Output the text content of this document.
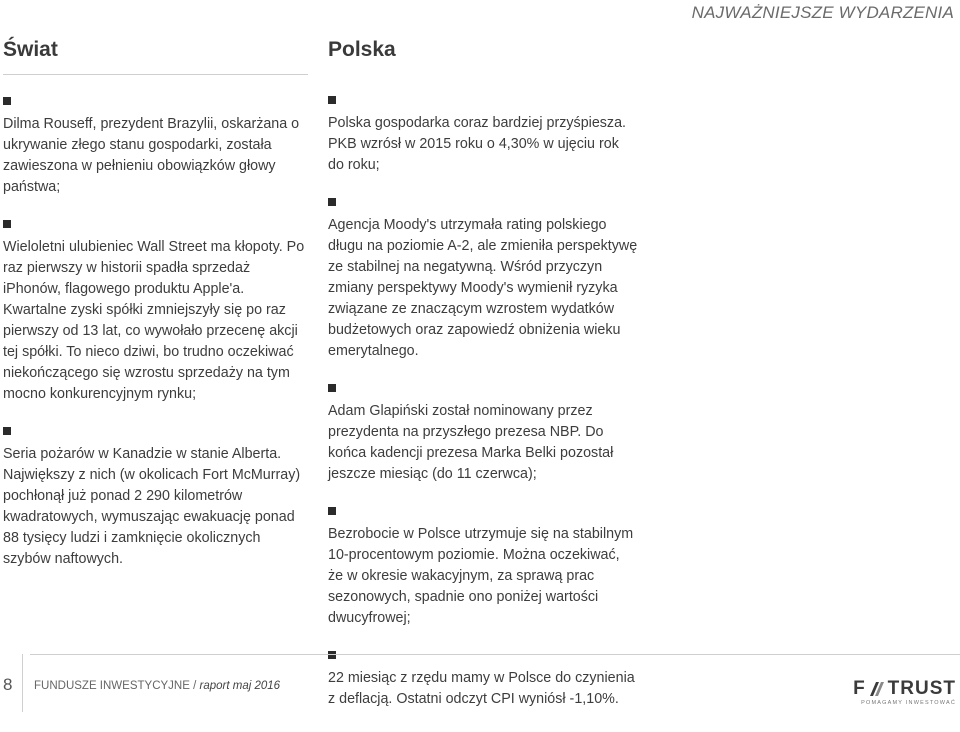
NAJWAŻNIEJSZE WYDARZENIA
Świat

Dilma Rouseff, prezydent Brazylii, oskarżana o ukrywanie złego stanu gospodarki, została zawieszona w pełnieniu obowiązków głowy państwa;

Wieloletni ulubieniec Wall Street ma kłopoty. Po raz pierwszy w historii spadła sprzedaż iPhonów, flagowego produktu Apple'a. Kwartalne zyski spółki zmniejszyły się po raz pierwszy od 13 lat, co wywołało przecenę akcji tej spółki. To nieco dziwi, bo trudno oczekiwać niekończącego się wzrostu sprzedaży na tym mocno konkurencyjnym rynku;

Seria pożarów w Kanadzie w stanie Alberta. Największy z nich (w okolicach Fort McMurray) pochłonął już ponad 2 290 kilometrów kwadratowych, wymuszając ewakuację ponad 88 tysięcy ludzi i zamknięcie okolicznych szybów naftowych.

Polska

Polska gospodarka coraz bardziej przyśpiesza. PKB wzrósł w 2015 roku o 4,30% w ujęciu rok do roku;

Agencja Moody's utrzymała rating polskiego długu na poziomie A-2, ale zmieniła perspektywę ze stabilnej na negatywną. Wśród przyczyn zmiany perspektywy Moody's wymienił ryzyka związane ze znaczącym wzrostem wydatków budżetowych oraz zapowiedź obniżenia wieku emerytalnego.

Adam Glapiński został nominowany przez prezydenta na przyszłego prezesa NBP. Do końca kadencji prezesa Marka Belki pozostał jeszcze miesiąc (do 11 czerwca);

Bezrobocie w Polsce utrzymuje się na stabilnym 10-procentowym poziomie. Można oczekiwać, że w okresie wakacyjnym, za sprawą prac sezonowych, spadnie ono poniżej wartości dwucyfrowej;

22 miesiąc z rzędu mamy w Polsce do czynienia z deflacją. Ostatni odczyt CPI wyniósł -1,10%.

8 FUNDUSZE INWESTYCYJNE / raport maj 2016	F TRUST
POMAGAMY INWESTOWAĆ
